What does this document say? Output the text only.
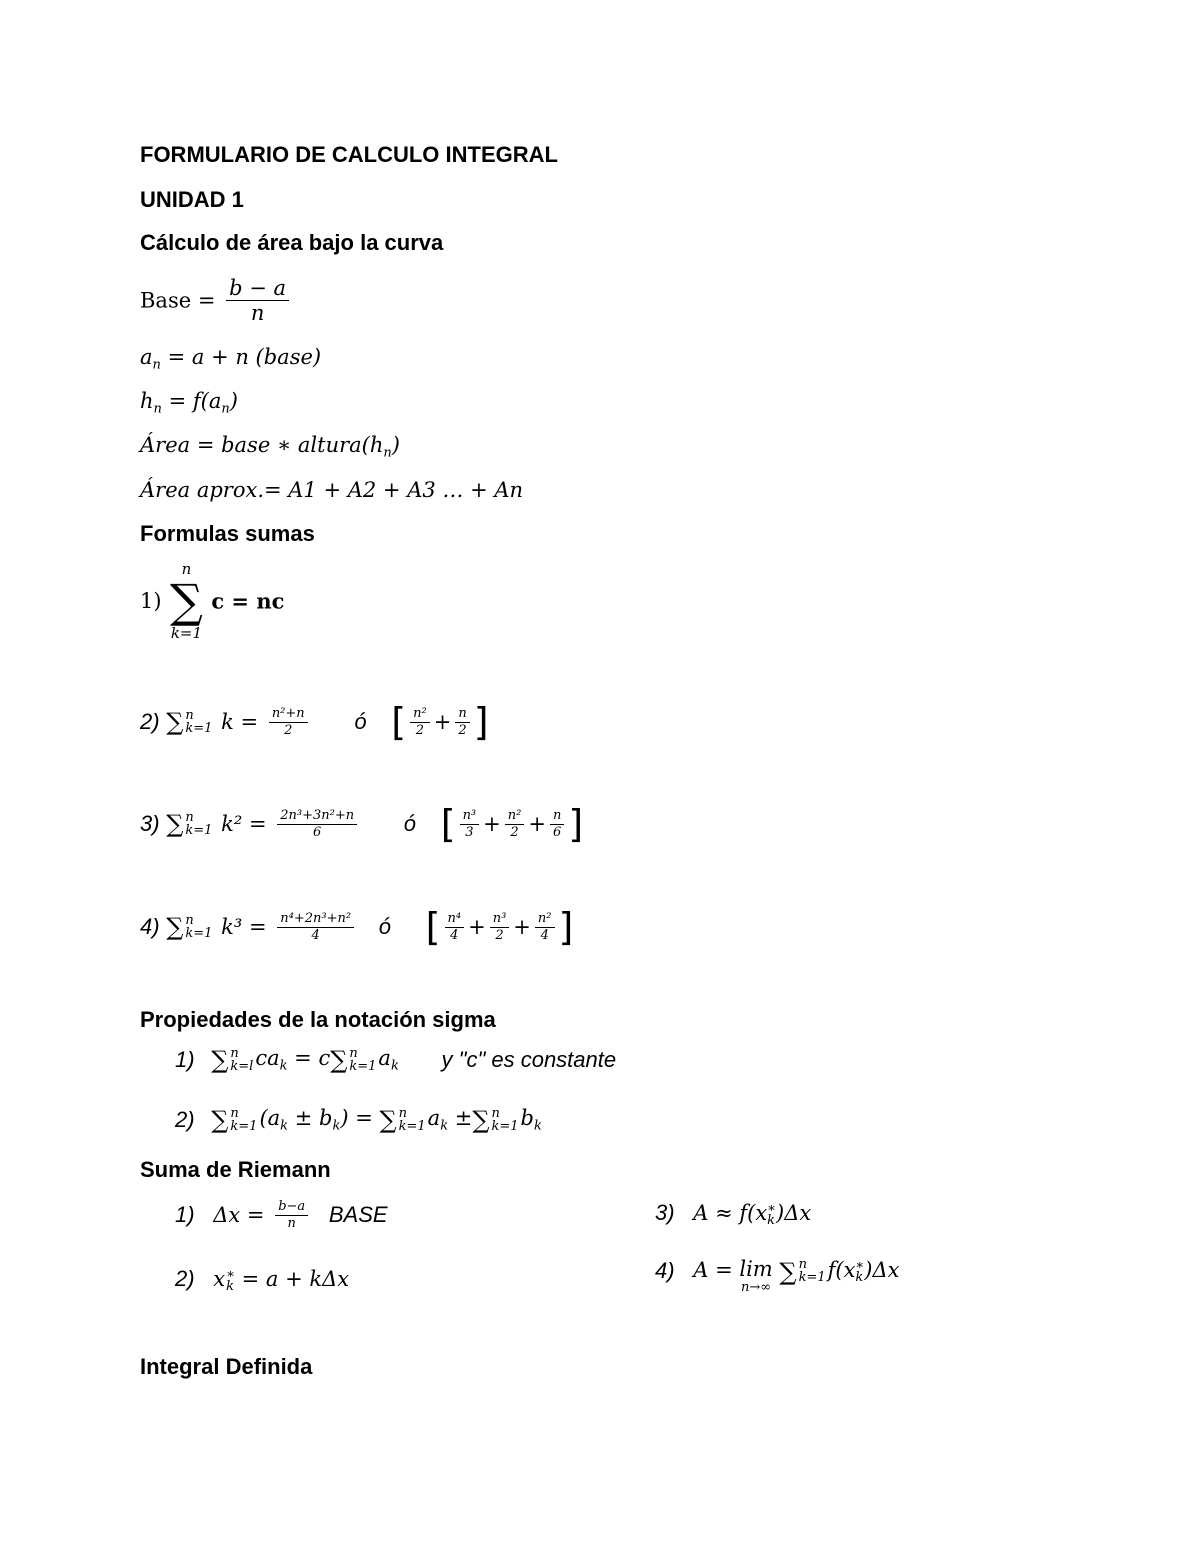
FORMULARIO DE CALCULO INTEGRAL
UNIDAD 1
Cálculo de área bajo la curva
Base = $\frac{b - a}{n}$
$a_n = a + n$ (base)
$h_n = f(a_n)$
Área = base ∗ $altura(h_n)$
Área aprox.= A1 + A2 + A3 … + An
Formulas sumas
1)
n
∑
k=1
c = nc
2) ∑ n
k=1 $k = \frac{\text{n²+n}}{2}$ ó [ $\frac{\text{n²}}{2} + \frac{n}{2}$ ]
3) ∑ n
k=1 $k^2 = \frac{\text{2n³+3n²+n}}{6}$ ó [ $\frac{\text{n³}}{3} + \frac{\text{n²}}{2} + \frac{n}{6}$ ]
4) ∑ n
k=1 $k^3 = \frac{\text{n⁴+2n³+n²}}{4}$ ó [ $\frac{\text{n⁴}}{4} + \frac{\text{n³}}{2} + \frac{\text{n²}}{4}$ ]
Propiedades de la notación sigma
1) ∑ n
k=l $ca_k = c\sum$ n
k=1 $a_k$ y "c" es constante
2) ∑ n
k=1 $(a_k \pm b_k)$ = ∑ n
k=1 $a_k$ ±∑ n
k=1 $b_k$
Suma de Riemann
1) $\Delta x = \frac{b-a}{n}$ BASE
2) x ∗
k = a + kΔx
3) A ≈ f(x ∗
k )Δx
4) A = lim
n→∞
∑ n
k=1 f(x ∗
k )Δx
Integral Definida
